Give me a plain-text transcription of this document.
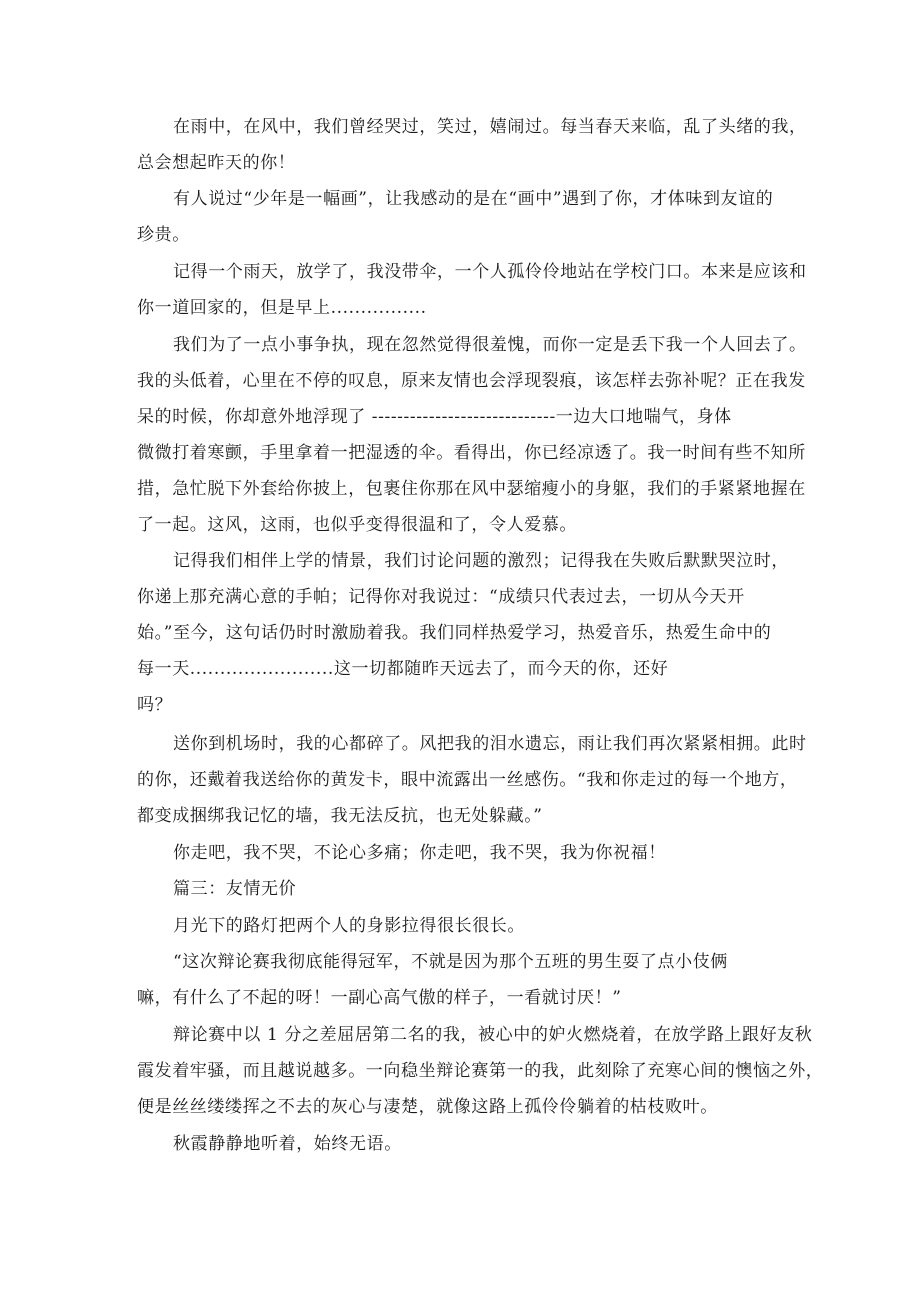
在雨中，在风中，我们曾经哭过，笑过，嬉闹过。每当春天来临，乱了头绪的我，
总会想起昨天的你！
有人说过“少年是一幅画”，让我感动的是在“画中”遇到了你，才体味到友谊的
珍贵。
记得一个雨天，放学了，我没带伞，一个人孤伶伶地站在学校门口。本来是应该和
你一道回家的，但是早上................
我们为了一点小事争执，现在忽然觉得很羞愧，而你一定是丢下我一个人回去了。
我的头低着，心里在不停的叹息，原来友情也会浮现裂痕，该怎样去弥补呢？正在我发
呆的时候，你却意外地浮现了 -----------------------------一边大口地喘气，身体
微微打着寒颤，手里拿着一把湿透的伞。看得出，你已经凉透了。我一时间有些不知所
措，急忙脱下外套给你披上，包裹住你那在风中瑟缩瘦小的身躯，我们的手紧紧地握在
了一起。这风，这雨，也似乎变得很温和了，令人爱慕。
记得我们相伴上学的情景，我们讨论问题的激烈；记得我在失败后默默哭泣时，
你递上那充满心意的手帕；记得你对我说过：“成绩只代表过去，一切从今天开
始。”至今，这句话仍时时激励着我。我们同样热爱学习，热爱音乐，热爱生命中的
每一天........................这一切都随昨天远去了，而今天的你，还好
吗？
送你到机场时，我的心都碎了。风把我的泪水遗忘，雨让我们再次紧紧相拥。此时
的你，还戴着我送给你的黄发卡，眼中流露出一丝感伤。“我和你走过的每一个地方，
都变成捆绑我记忆的墙，我无法反抗，也无处躲藏。”
你走吧，我不哭，不论心多痛；你走吧，我不哭，我为你祝福！
篇三：友情无价
月光下的路灯把两个人的身影拉得很长很长。
“这次辩论赛我彻底能得冠军，不就是因为那个五班的男生耍了点小伎俩
嘛，有什么了不起的呀！一副心高气傲的样子，一看就讨厌！”
辩论赛中以 1 分之差屈居第二名的我，被心中的妒火燃烧着，在放学路上跟好友秋
霞发着牢骚，而且越说越多。一向稳坐辩论赛第一的我，此刻除了充寒心间的懊恼之外，
便是丝丝缕缕挥之不去的灰心与凄楚，就像这路上孤伶伶躺着的枯枝败叶。
秋霞静静地听着，始终无语。
